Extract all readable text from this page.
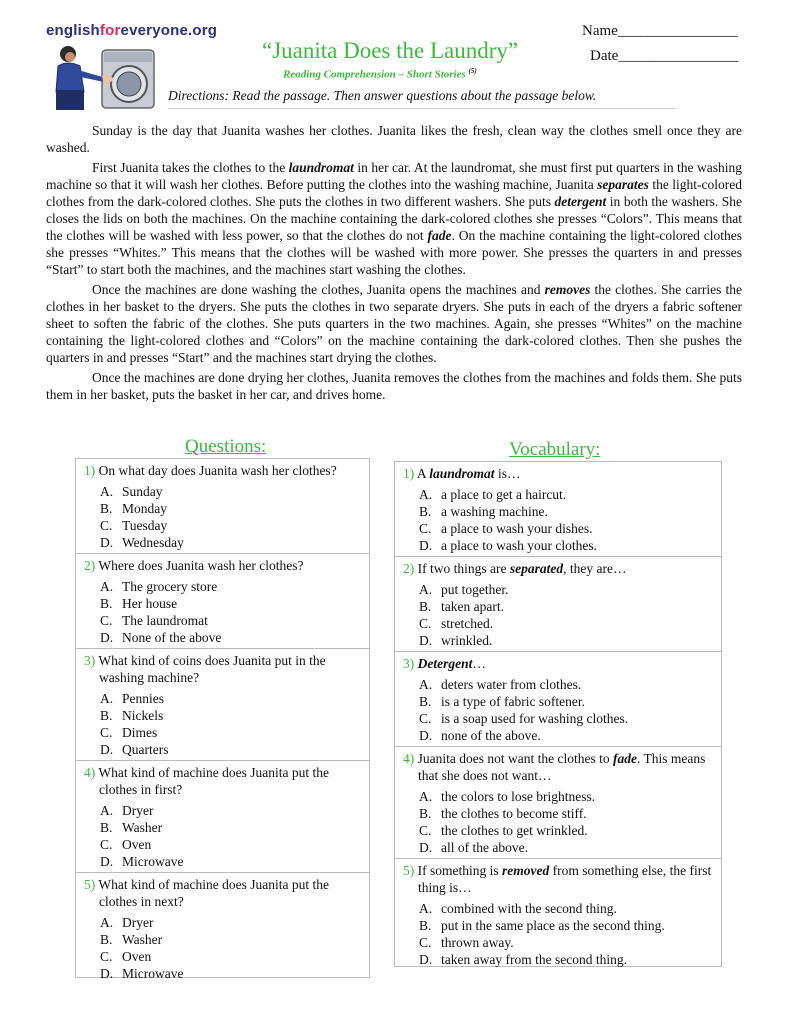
englishforeveryone.org	Name________________
Date________________
“Juanita Does the Laundry”
Reading Comprehension – Short Stories $^{(5)}$
Directions: Read the passage. Then answer questions about the passage below.

Sunday is the day that Juanita washes her clothes. Juanita likes the fresh, clean way the clothes smell once they are washed.

First Juanita takes the clothes to the laundromat in her car. At the laundromat, she must first put quarters in the washing machine so that it will wash her clothes. Before putting the clothes into the washing machine, Juanita separates the light-colored clothes from the dark-colored clothes. She puts the clothes in two different washers. She puts detergent in both the washers. She closes the lids on both the machines. On the machine containing the dark-colored clothes she presses “Colors”. This means that the clothes will be washed with less power, so that the clothes do not fade. On the machine containing the light-colored clothes she presses “Whites.” This means that the clothes will be washed with more power. She presses the quarters in and presses “Start” to start both the machines, and the machines start washing the clothes.

Once the machines are done washing the clothes, Juanita opens the machines and removes the clothes. She carries the clothes in her basket to the dryers. She puts the clothes in two separate dryers. She puts in each of the dryers a fabric softener sheet to soften the fabric of the clothes. She puts quarters in the two machines. Again, she presses “Whites” on the machine containing the light-colored clothes and “Colors” on the machine containing the dark-colored clothes. Then she pushes the quarters in and presses “Start” and the machines start drying the clothes.

Once the machines are done drying her clothes, Juanita removes the clothes from the machines and folds them. She puts them in her basket, puts the basket in her car, and drives home.

Questions:	Vocabulary:
1) On what day does Juanita wash her clothes?
A. Sunday
B. Monday
C. Tuesday
D. Wednesday
2) Where does Juanita wash her clothes?
A. The grocery store
B. Her house
C. The laundromat
D. None of the above
3) What kind of coins does Juanita put in the washing machine?
A. Pennies
B. Nickels
C. Dimes
D. Quarters
4) What kind of machine does Juanita put the clothes in first?
A. Dryer
B. Washer
C. Oven
D. Microwave
5) What kind of machine does Juanita put the clothes in next?
A. Dryer
B. Washer
C. Oven
D. Microwave
1) A laundromat is…
A. a place to get a haircut.
B. a washing machine.
C. a place to wash your dishes.
D. a place to wash your clothes.
2) If two things are separated, they are…
A. put together.
B. taken apart.
C. stretched.
D. wrinkled.
3) Detergent…
A. deters water from clothes.
B. is a type of fabric softener.
C. is a soap used for washing clothes.
D. none of the above.
4) Juanita does not want the clothes to fade. This means that she does not want…
A. the colors to lose brightness.
B. the clothes to become stiff.
C. the clothes to get wrinkled.
D. all of the above.
5) If something is removed from something else, the first thing is…
A. combined with the second thing.
B. put in the same place as the second thing.
C. thrown away.
D. taken away from the second thing.
